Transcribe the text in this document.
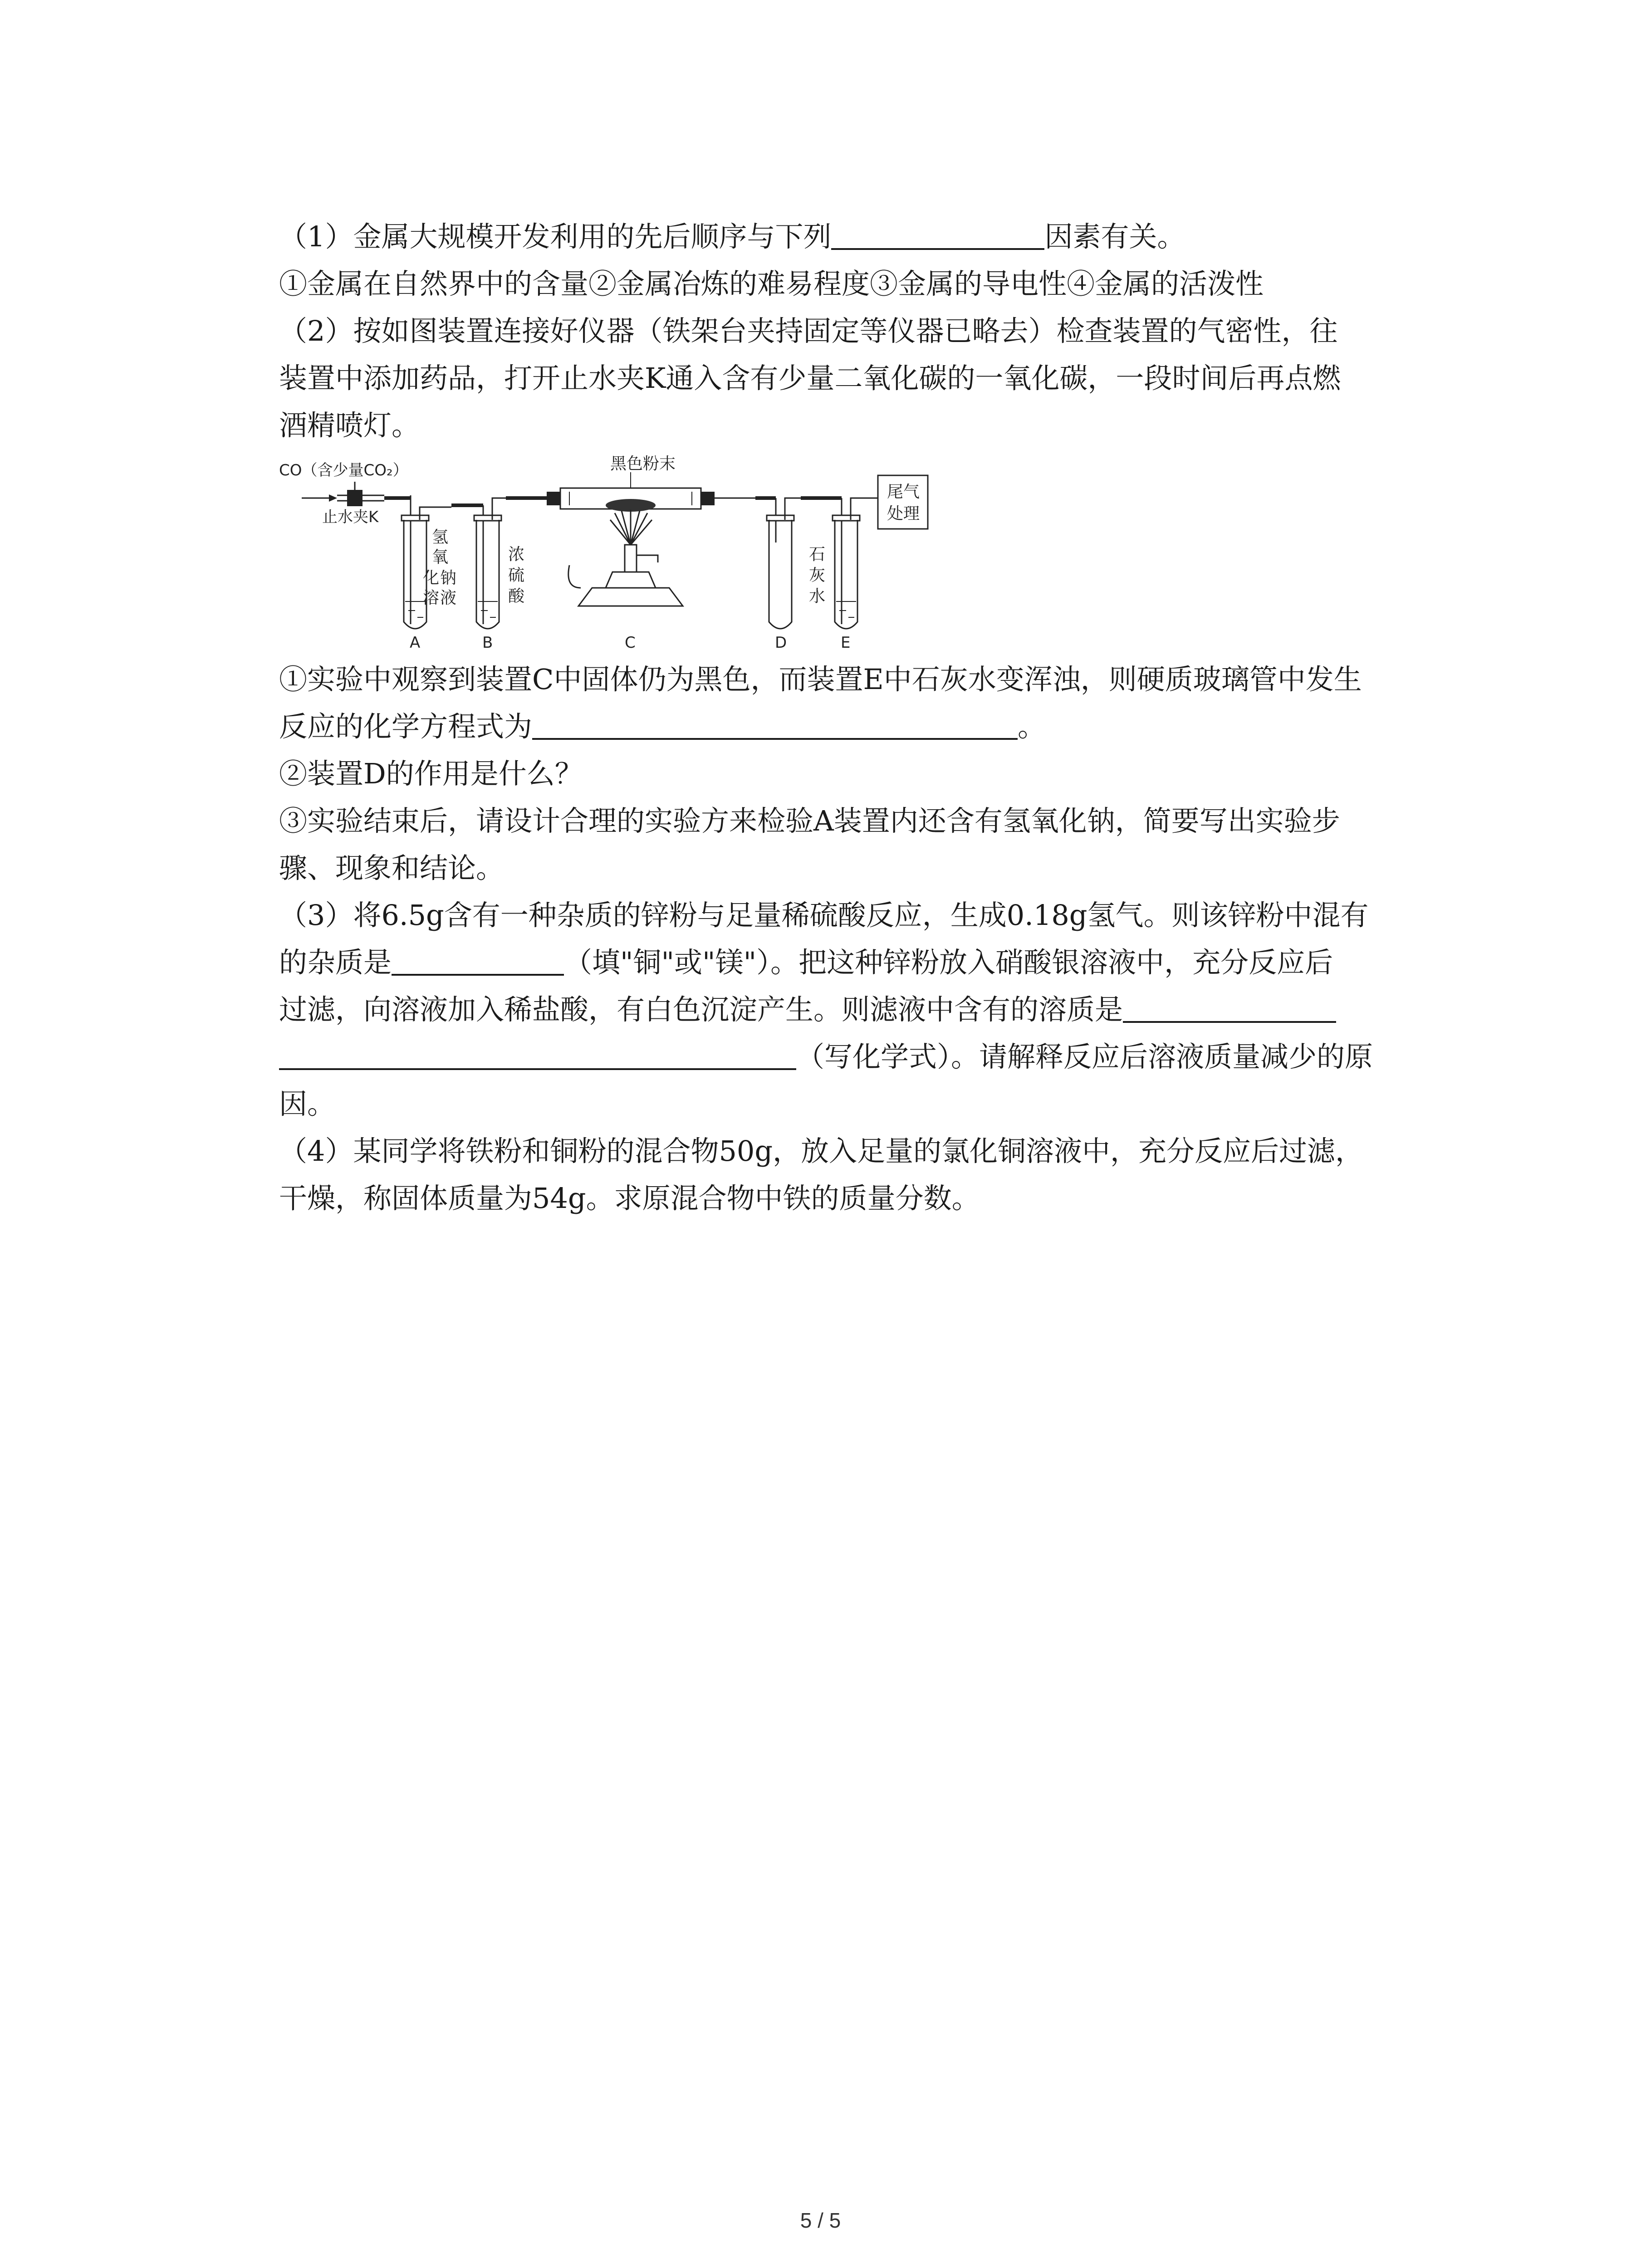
（1）金属大规模开发利用的先后顺序与下列	因素有关。
①金属在自然界中的含量②金属冶炼的难易程度③金属的导电性④金属的活泼性
（2）按如图装置连接好仪器（铁架台夹持固定等仪器已略去）检查装置的气密性，往
装置中添加药品，打开止水夹K通入含有少量二氧化碳的一氧化碳，一段时间后再点燃
酒精喷灯。
CO（含少量CO₂）
止水夹K
氢
氧
化 钠
溶 液
浓
硫
酸
黑色粉末
石
灰
水
尾气
处理
A	B	C	D	E
①实验中观察到装置C中固体仍为黑色，而装置E中石灰水变浑浊，则硬质玻璃管中发生
反应的化学方程式为	。
②装置D的作用是什么？
③实验结束后，请设计合理的实验方来检验A装置内还含有氢氧化钠，简要写出实验步
骤、现象和结论。
（3）将6.5g含有一种杂质的锌粉与足量稀硫酸反应，生成0.18g氢气。则该锌粉中混有
的杂质是	（填"铜"或"镁"）。把这种锌粉放入硝酸银溶液中，充分反应后
过滤，向溶液加入稀盐酸，有白色沉淀产生。则滤液中含有的溶质是
（写化学式）。请解释反应后溶液质量减少的原
因。
（4）某同学将铁粉和铜粉的混合物50g，放入足量的氯化铜溶液中，充分反应后过滤，
干燥，称固体质量为54g。求原混合物中铁的质量分数。
5 / 5
